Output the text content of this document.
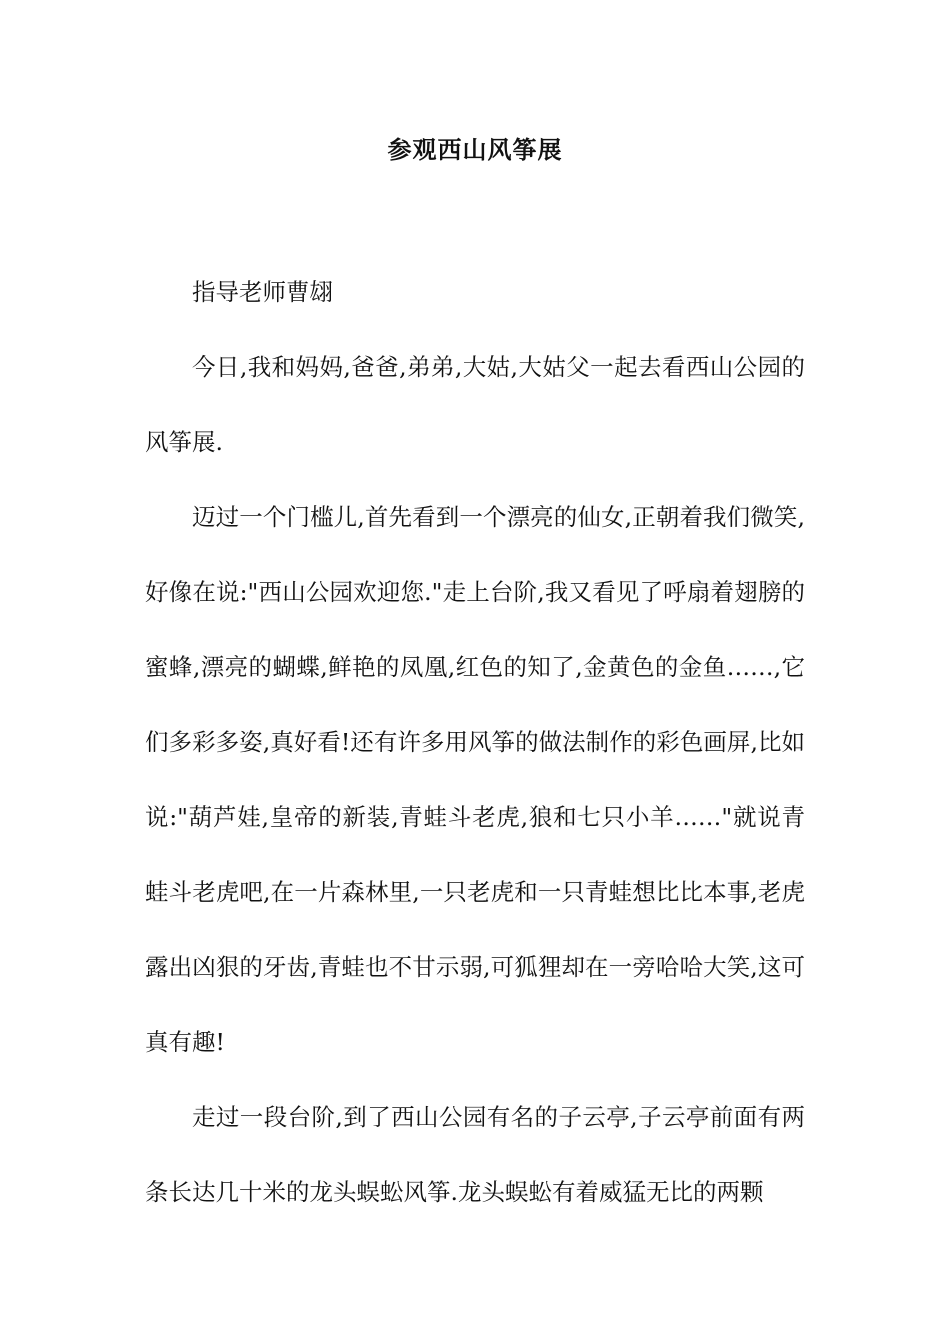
参观西山风筝展

指导老师曹翃

今日,我和妈妈,爸爸,弟弟,大姑,大姑父一起去看西山公园的风筝展.

迈过一个门槛儿,首先看到一个漂亮的仙女,正朝着我们微笑,好像在说:"西山公园欢迎您."走上台阶,我又看见了呼扇着翅膀的蜜蜂,漂亮的蝴蝶,鲜艳的凤凰,红色的知了,金黄色的金鱼……,它们多彩多姿,真好看!还有许多用风筝的做法制作的彩色画屏,比如说:"葫芦娃,皇帝的新装,青蛙斗老虎,狼和七只小羊……"就说青蛙斗老虎吧,在一片森林里,一只老虎和一只青蛙想比比本事,老虎露出凶狠的牙齿,青蛙也不甘示弱,可狐狸却在一旁哈哈大笑,这可真有趣!

走过一段台阶,到了西山公园有名的子云亭,子云亭前面有两条长达几十米的龙头蜈蚣风筝.龙头蜈蚣有着威猛无比的两颗
